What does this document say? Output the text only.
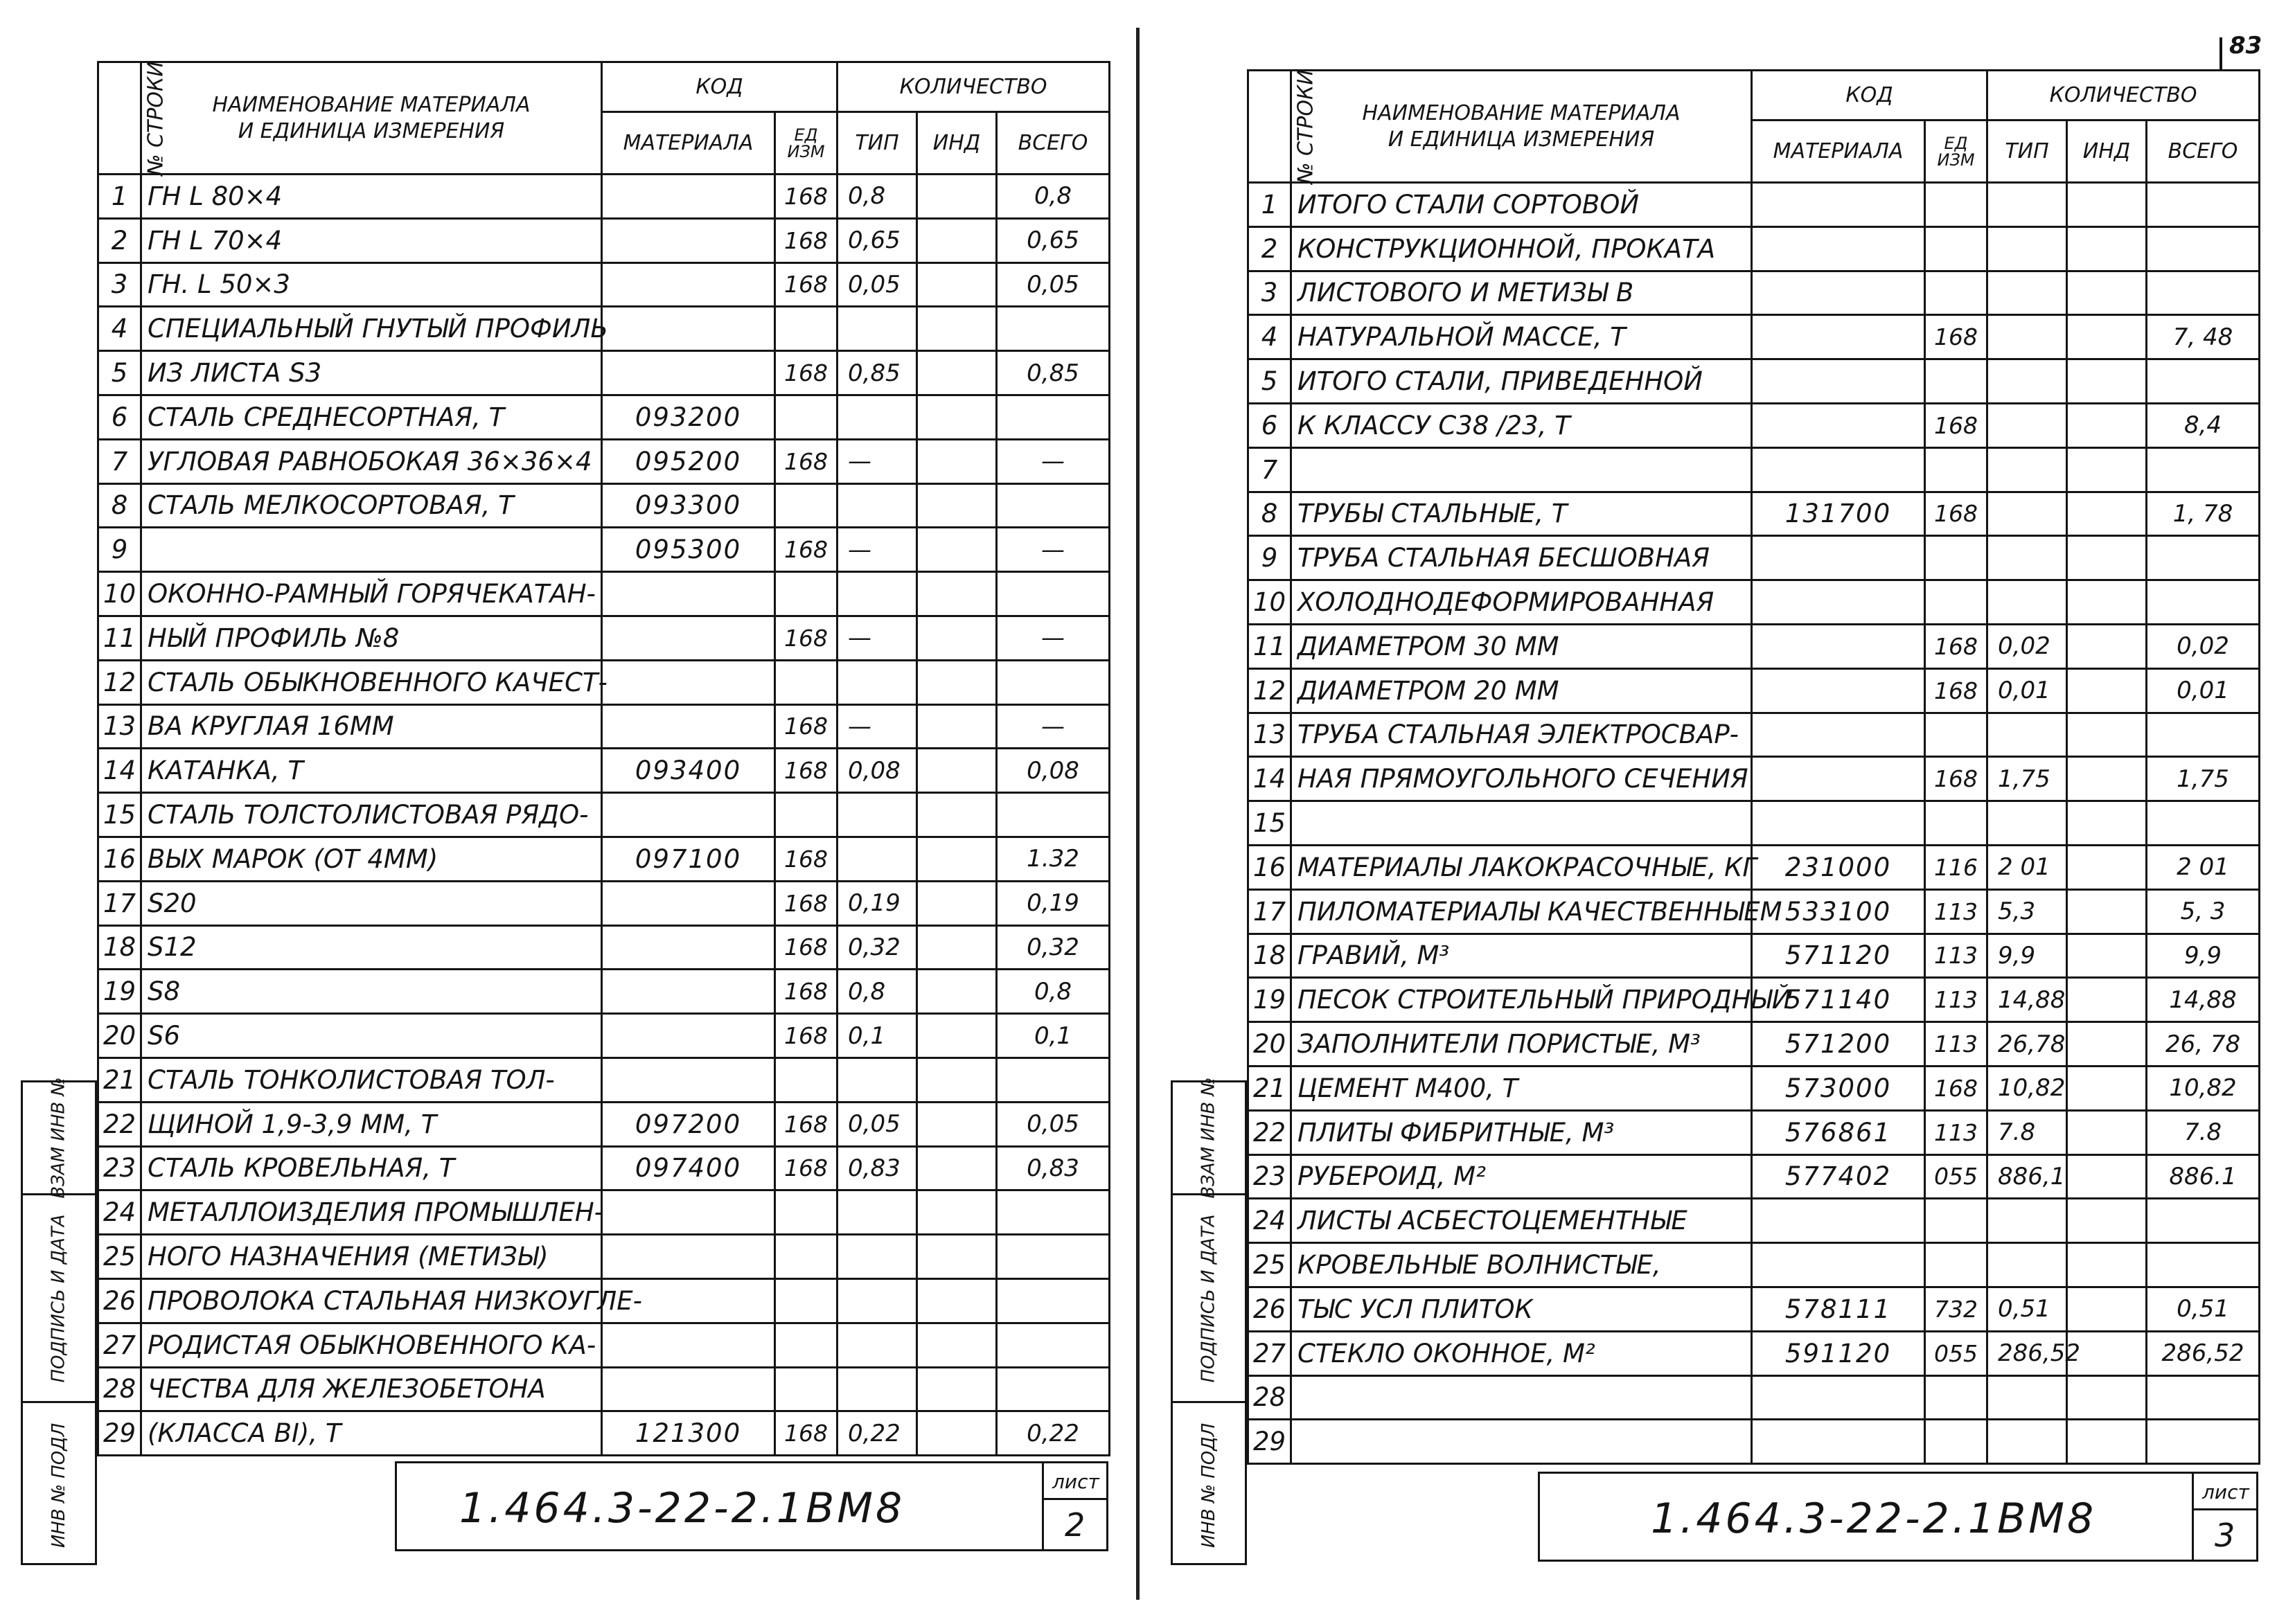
83
ВЗАМ ИНВ №
ПОДПИСЬ И ДАТА
ИНВ № ПОДЛ
№ СТРОКИ	НАИМЕНОВАНИЕ МАТЕРИАЛА
И ЕДИНИЦА ИЗМЕРЕНИЯ	КОД		КОЛИЧЕСТВО		
		МАТЕРИАЛА	ЕД ИЗМ	ТИП	ИНД	ВСЕГО
1	ГН L 80×4		168	0,8		0,8
2	ГН L 70×4		168	0,65		0,65
3	ГН. L 50×3		168	0,05		0,05
4	СПЕЦИАЛЬНЫЙ ГНУТЫЙ ПРОФИЛЬ					
5	ИЗ ЛИСТА S3		168	0,85		0,85
6	СТАЛЬ СРЕДНЕСОРТНАЯ, Т	093200				
7	УГЛОВАЯ РАВНОБОКАЯ 36×36×4	095200	168	—		—
8	СТАЛЬ МЕЛКОСОРТОВАЯ, Т	093300				
9		095300	168	—		—
10	ОКОННО-РАМНЫЙ ГОРЯЧЕКАТАН-					
11	НЫЙ ПРОФИЛЬ №8		168	—		—
12	СТАЛЬ ОБЫКНОВЕННОГО КАЧЕСТ-					
13	ВА КРУГЛАЯ 16ММ		168	—		—
14	КАТАНКА, Т	093400	168	0,08		0,08
15	СТАЛЬ ТОЛСТОЛИСТОВАЯ РЯДО-					
16	ВЫХ МАРОК (ОТ 4ММ)	097100	168			1.32
17	S20		168	0,19		0,19
18	S12		168	0,32		0,32
19	S8		168	0,8		0,8
20	S6		168	0,1		0,1
21	СТАЛЬ ТОНКОЛИСТОВАЯ ТОЛ-					
22	ЩИНОЙ 1,9-3,9 ММ, Т	097200	168	0,05		0,05
23	СТАЛЬ КРОВЕЛЬНАЯ, Т	097400	168	0,83		0,83
24	МЕТАЛЛОИЗДЕЛИЯ ПРОМЫШЛЕН-					
25	НОГО НАЗНАЧЕНИЯ (МЕТИЗЫ)					
26	ПРОВОЛОКА СТАЛЬНАЯ НИЗКОУГЛЕ-					
27	РОДИСТАЯ ОБЫКНОВЕННОГО КА-					
28	ЧЕСТВА ДЛЯ ЖЕЛЕЗОБЕТОНА					
29	(КЛАССА BI), Т	121300	168	0,22		0,22
1.464.3-22-2.1ВМ8
лист
2
ВЗАМ ИНВ №
ПОДПИСЬ И ДАТА
ИНВ № ПОДЛ
№ СТРОКИ	НАИМЕНОВАНИЕ МАТЕРИАЛА
И ЕДИНИЦА ИЗМЕРЕНИЯ	КОД		КОЛИЧЕСТВО		
		МАТЕРИАЛА	ЕД ИЗМ	ТИП	ИНД	ВСЕГО
1	ИТОГО СТАЛИ СОРТОВОЙ					
2	КОНСТРУКЦИОННОЙ, ПРОКАТА					
3	ЛИСТОВОГО И МЕТИЗЫ В					
4	НАТУРАЛЬНОЙ МАССЕ, Т		168			7, 48
5	ИТОГО СТАЛИ, ПРИВЕДЕННОЙ					
6	К КЛАССУ С38 /23, Т		168			8,4
7						
8	ТРУБЫ СТАЛЬНЫЕ, Т	131700	168			1, 78
9	ТРУБА СТАЛЬНАЯ БЕСШОВНАЯ					
10	ХОЛОДНОДЕФОРМИРОВАННАЯ					
11	ДИАМЕТРОМ 30 ММ		168	0,02		0,02
12	ДИАМЕТРОМ 20 ММ		168	0,01		0,01
13	ТРУБА СТАЛЬНАЯ ЭЛЕКТРОСВАР-					
14	НАЯ ПРЯМОУГОЛЬНОГО СЕЧЕНИЯ		168	1,75		1,75
15						
16	МАТЕРИАЛЫ ЛАКОКРАСОЧНЫЕ, КГ	231000	116	2 01		2 01
17	ПИЛОМАТЕРИАЛЫ КАЧЕСТВЕННЫЕМ	533100	113	5,3		5, 3
18	ГРАВИЙ, М³	571120	113	9,9		9,9
19	ПЕСОК СТРОИТЕЛЬНЫЙ ПРИРОДНЫЙ	571140	113	14,88		14,88
20	ЗАПОЛНИТЕЛИ ПОРИСТЫЕ, М³	571200	113	26,78		26, 78
21	ЦЕМЕНТ М400, Т	573000	168	10,82		10,82
22	ПЛИТЫ ФИБРИТНЫЕ, М³	576861	113	7.8		7.8
23	РУБЕРОИД, М²	577402	055	886,1		886.1
24	ЛИСТЫ АСБЕСТОЦЕМЕНТНЫЕ					
25	КРОВЕЛЬНЫЕ ВОЛНИСТЫЕ,					
26	ТЫС УСЛ ПЛИТОК	578111	732	0,51		0,51
27	СТЕКЛО ОКОННОЕ, М²	591120	055	286,52		286,52
28						
29						
1.464.3-22-2.1ВМ8
лист
3
